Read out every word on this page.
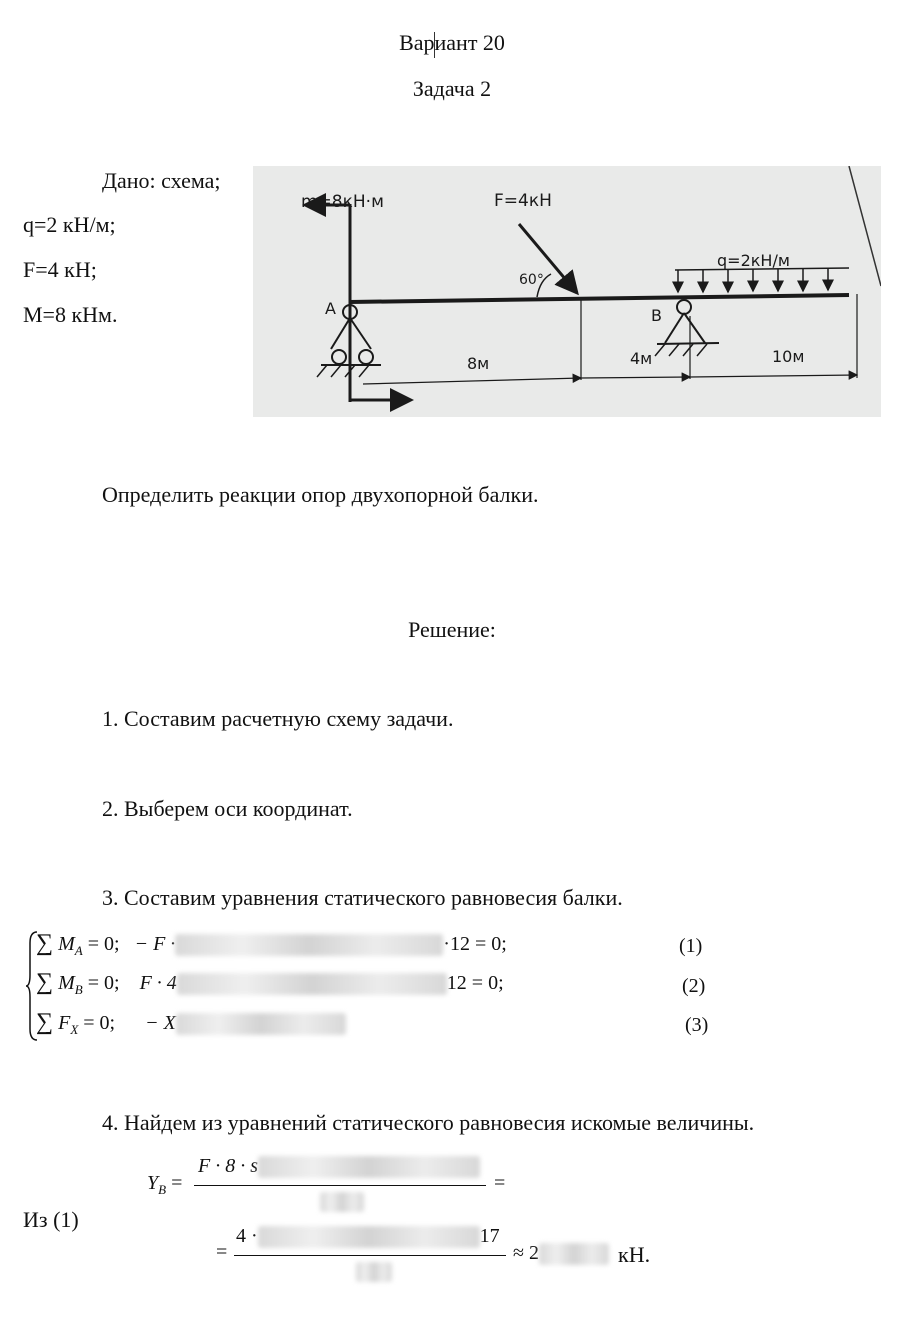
Вариант 20
Задача 2
Дано: схема;
q=2 кН/м;
F=4 кН;
M=8 кНм.
m=8кН·м	F=4кН
60°
q=2кН/м
A	B
8м	4м	10м
Определить реакции опор двухопорной балки.
Решение:
1. Составим расчетную схему задачи.
2. Выберем оси координат.
3. Составим уравнения статического равновесия балки.
∑ $M_A = 0$; − F ·	·12 = 0;	(1)
∑ $M_B = 0$; F · 4	12 = 0;	(2)
∑ $F_X = 0$; − X	(3)
4. Найдем из уравнений статического равновесия искомые величины.
Из (1)
$Y_B$ =
F · 8 · s
=
=
4 ·	17
≈ 2	кН.
